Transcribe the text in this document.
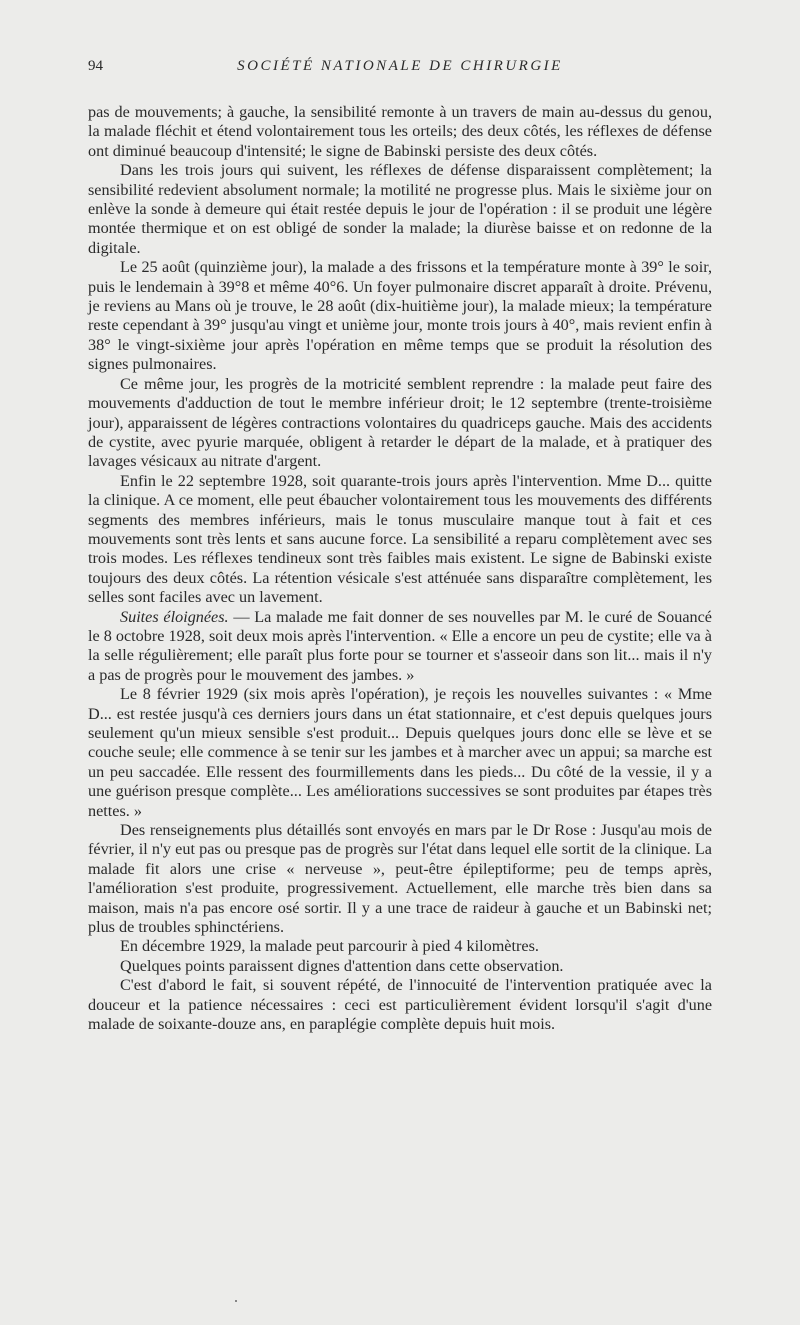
94	SOCIÉTÉ NATIONALE DE CHIRURGIE

pas de mouvements; à gauche, la sensibilité remonte à un travers de main au-dessus du genou, la malade fléchit et étend volontairement tous les orteils; des deux côtés, les réflexes de défense ont diminué beaucoup d'intensité; le signe de Babinski persiste des deux côtés.

Dans les trois jours qui suivent, les réflexes de défense disparaissent complètement; la sensibilité redevient absolument normale; la motilité ne progresse plus. Mais le sixième jour on enlève la sonde à demeure qui était restée depuis le jour de l'opération : il se produit une légère montée thermique et on est obligé de sonder la malade; la diurèse baisse et on redonne de la digitale.

Le 25 août (quinzième jour), la malade a des frissons et la température monte à 39° le soir, puis le lendemain à 39°8 et même 40°6. Un foyer pulmonaire discret apparaît à droite. Prévenu, je reviens au Mans où je trouve, le 28 août (dix-huitième jour), la malade mieux; la température reste cependant à 39° jusqu'au vingt et unième jour, monte trois jours à 40°, mais revient enfin à 38° le vingt-sixième jour après l'opération en même temps que se produit la résolution des signes pulmonaires.

Ce même jour, les progrès de la motricité semblent reprendre : la malade peut faire des mouvements d'adduction de tout le membre inférieur droit; le 12 septembre (trente-troisième jour), apparaissent de légères contractions volontaires du quadriceps gauche. Mais des accidents de cystite, avec pyurie marquée, obligent à retarder le départ de la malade, et à pratiquer des lavages vésicaux au nitrate d'argent.

Enfin le 22 septembre 1928, soit quarante-trois jours après l'intervention. Mme D... quitte la clinique. A ce moment, elle peut ébaucher volontairement tous les mouvements des différents segments des membres inférieurs, mais le tonus musculaire manque tout à fait et ces mouvements sont très lents et sans aucune force. La sensibilité a reparu complètement avec ses trois modes. Les réflexes tendineux sont très faibles mais existent. Le signe de Babinski existe toujours des deux côtés. La rétention vésicale s'est atténuée sans disparaître complètement, les selles sont faciles avec un lavement.

Suites éloignées. — La malade me fait donner de ses nouvelles par M. le curé de Souancé le 8 octobre 1928, soit deux mois après l'intervention. « Elle a encore un peu de cystite; elle va à la selle régulièrement; elle paraît plus forte pour se tourner et s'asseoir dans son lit... mais il n'y a pas de progrès pour le mouvement des jambes. »

Le 8 février 1929 (six mois après l'opération), je reçois les nouvelles suivantes : « Mme D... est restée jusqu'à ces derniers jours dans un état stationnaire, et c'est depuis quelques jours seulement qu'un mieux sensible s'est produit... Depuis quelques jours donc elle se lève et se couche seule; elle commence à se tenir sur les jambes et à marcher avec un appui; sa marche est un peu saccadée. Elle ressent des fourmillements dans les pieds... Du côté de la vessie, il y a une guérison presque complète... Les améliorations successives se sont produites par étapes très nettes. »

Des renseignements plus détaillés sont envoyés en mars par le Dr Rose : Jusqu'au mois de février, il n'y eut pas ou presque pas de progrès sur l'état dans lequel elle sortit de la clinique. La malade fit alors une crise « nerveuse », peut-être épileptiforme; peu de temps après, l'amélioration s'est produite, progressivement. Actuellement, elle marche très bien dans sa maison, mais n'a pas encore osé sortir. Il y a une trace de raideur à gauche et un Babinski net; plus de troubles sphinctériens.

En décembre 1929, la malade peut parcourir à pied 4 kilomètres.

Quelques points paraissent dignes d'attention dans cette observation.

C'est d'abord le fait, si souvent répété, de l'innocuité de l'intervention pratiquée avec la douceur et la patience nécessaires : ceci est particulièrement évident lorsqu'il s'agit d'une malade de soixante-douze ans, en paraplégie complète depuis huit mois.
